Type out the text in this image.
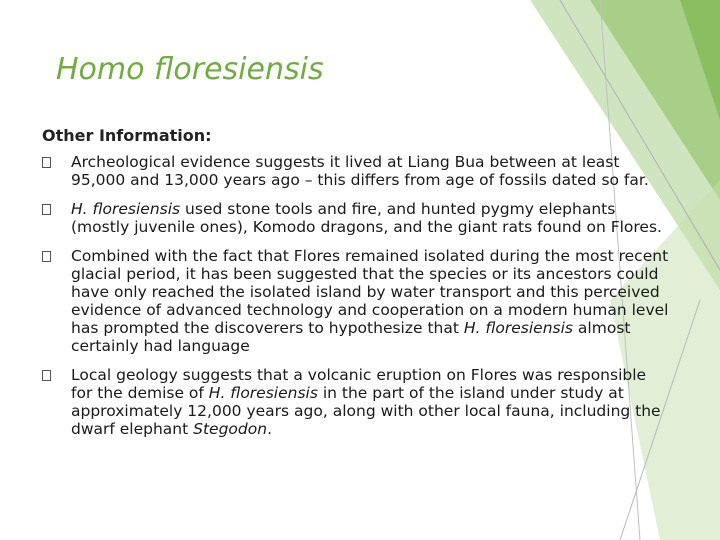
Homo floresiensis
Other Information:
Archeological evidence suggests it lived at Liang Bua between at least 95,000 and 13,000 years ago – this differs from age of fossils dated so far.
H. floresiensis used stone tools and fire, and hunted pygmy elephants (mostly juvenile ones), Komodo dragons, and the giant rats found on Flores.
Combined with the fact that Flores remained isolated during the most recent glacial period, it has been suggested that the species or its ancestors could have only reached the isolated island by water transport and this perceived evidence of advanced technology and cooperation on a modern human level has prompted the discoverers to hypothesize that H. floresiensis almost certainly had language
Local geology suggests that a volcanic eruption on Flores was responsible for the demise of H. floresiensis in the part of the island under study at approximately 12,000 years ago, along with other local fauna, including the dwarf elephant Stegodon.
